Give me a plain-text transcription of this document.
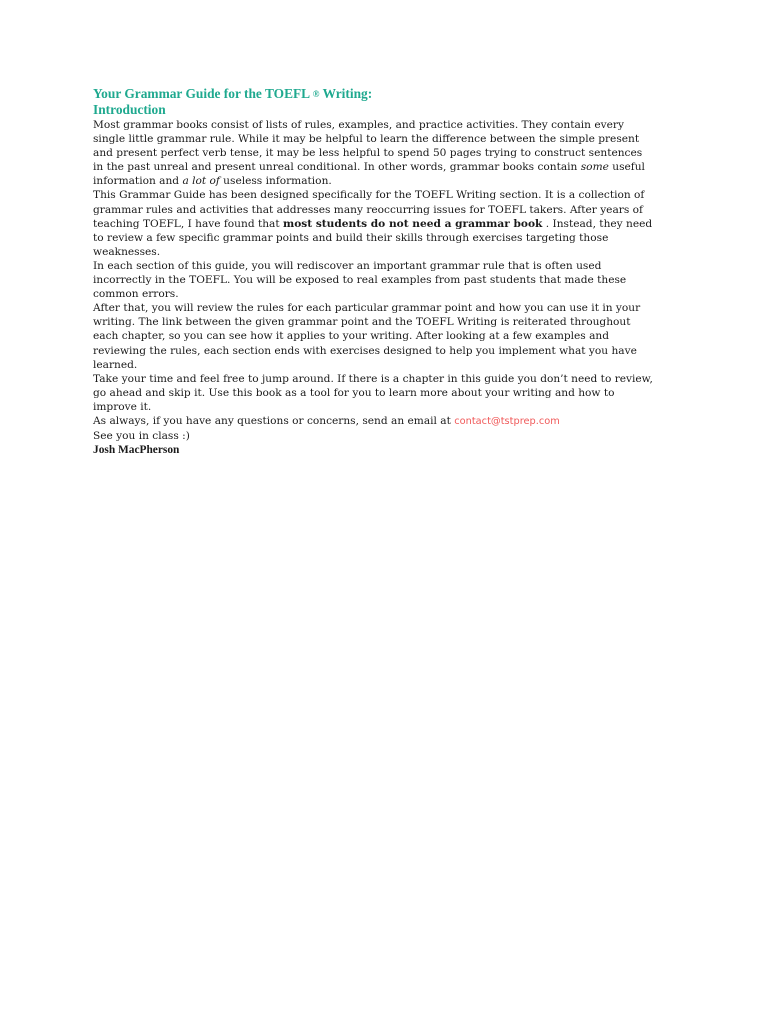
Your Grammar Guide for the TOEFL ® Writing:
Introduction

Most grammar books consist of lists of rules, examples, and practice activities. They contain every single little grammar rule. While it may be helpful to learn the difference between the simple present and present perfect verb tense, it may be less helpful to spend 50 pages trying to construct sentences in the past unreal and present unreal conditional. In other words, grammar books contain some useful information and a lot of useless information.

This Grammar Guide has been designed specifically for the TOEFL Writing section. It is a collection of grammar rules and activities that addresses many reoccurring issues for TOEFL takers. After years of teaching TOEFL, I have found that most students do not need a grammar book . Instead, they need to review a few specific grammar points and build their skills through exercises targeting those weaknesses.

In each section of this guide, you will rediscover an important grammar rule that is often used incorrectly in the TOEFL. You will be exposed to real examples from past students that made these common errors.

After that, you will review the rules for each particular grammar point and how you can use it in your writing. The link between the given grammar point and the TOEFL Writing is reiterated throughout each chapter, so you can see how it applies to your writing. After looking at a few examples and reviewing the rules, each section ends with exercises designed to help you implement what you have learned.

Take your time and feel free to jump around. If there is a chapter in this guide you don’t need to review, go ahead and skip it. Use this book as a tool for you to learn more about your writing and how to improve it.

As always, if you have any questions or concerns, send an email at contact@tstprep.com

See you in class :)

Josh MacPherson
